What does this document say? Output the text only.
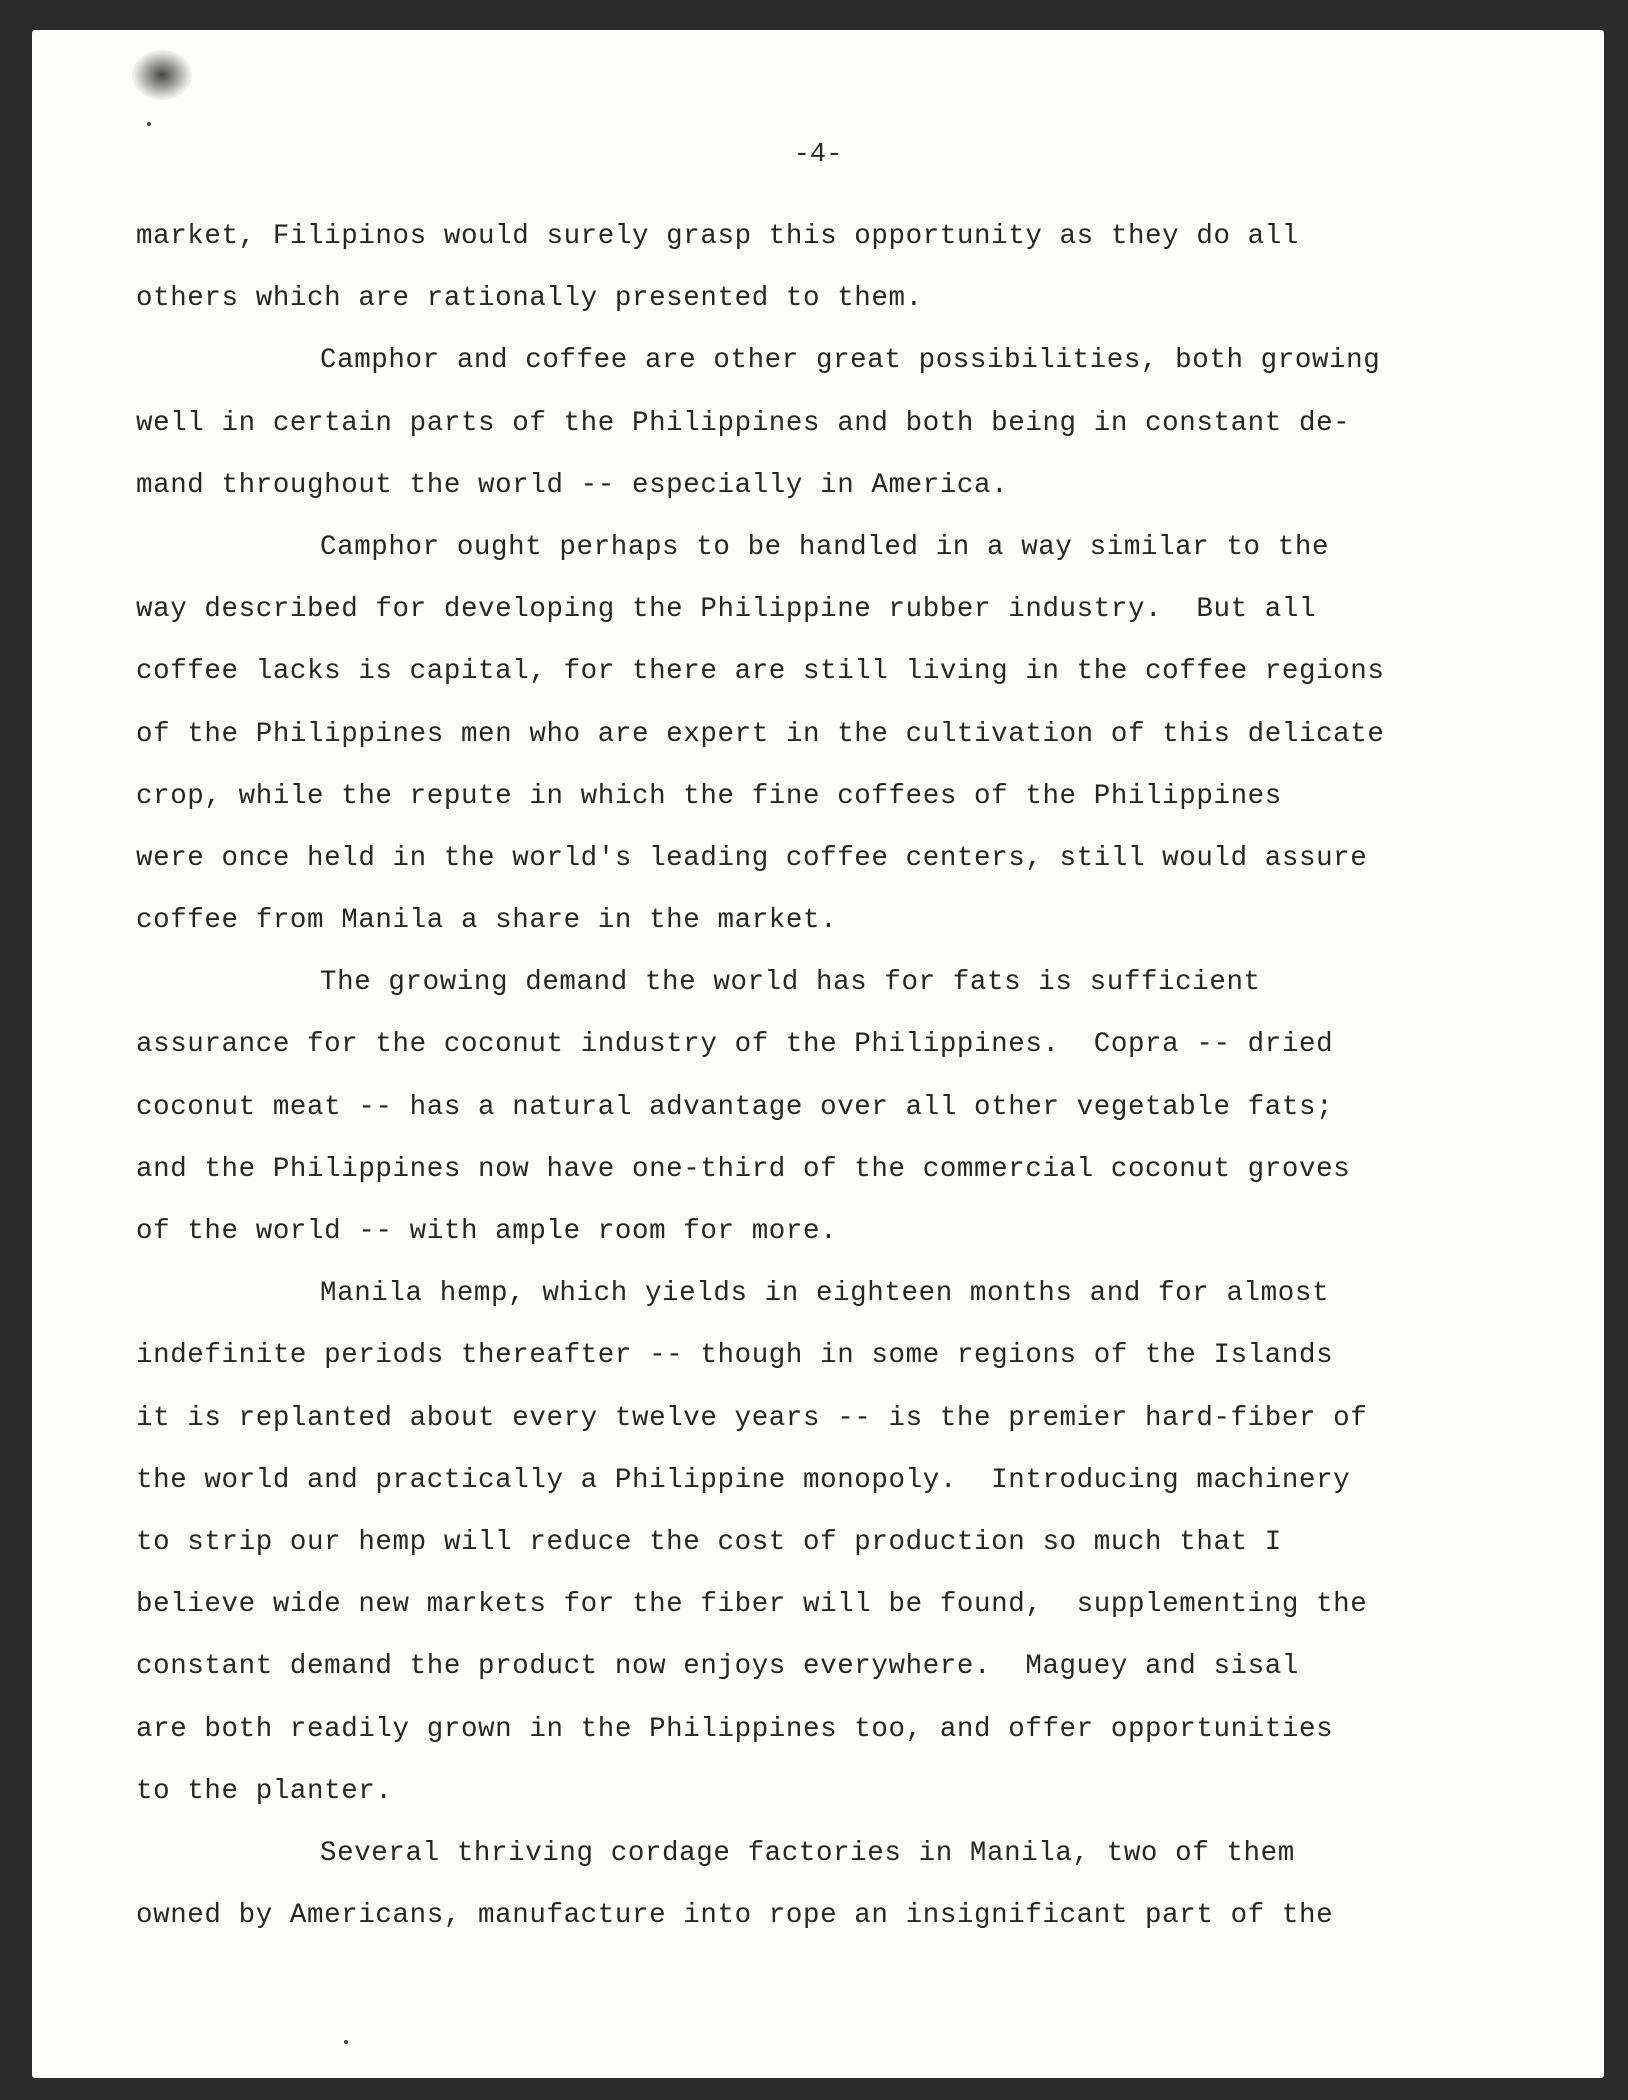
-4-
market, Filipinos would surely grasp this opportunity as they do all
others which are rationally presented to them.
Camphor and coffee are other great possibilities, both growing
well in certain parts of the Philippines and both being in constant de-
mand throughout the world -- especially in America.
Camphor ought perhaps to be handled in a way similar to the
way described for developing the Philippine rubber industry.  But all
coffee lacks is capital, for there are still living in the coffee regions
of the Philippines men who are expert in the cultivation of this delicate
crop, while the repute in which the fine coffees of the Philippines
were once held in the world's leading coffee centers, still would assure
coffee from Manila a share in the market.
The growing demand the world has for fats is sufficient
assurance for the coconut industry of the Philippines.  Copra -- dried
coconut meat -- has a natural advantage over all other vegetable fats;
and the Philippines now have one-third of the commercial coconut groves
of the world -- with ample room for more.
Manila hemp, which yields in eighteen months and for almost
indefinite periods thereafter -- though in some regions of the Islands
it is replanted about every twelve years -- is the premier hard-fiber of
the world and practically a Philippine monopoly.  Introducing machinery
to strip our hemp will reduce the cost of production so much that I
believe wide new markets for the fiber will be found,  supplementing the
constant demand the product now enjoys everywhere.  Maguey and sisal
are both readily grown in the Philippines too, and offer opportunities
to the planter.
Several thriving cordage factories in Manila, two of them
owned by Americans, manufacture into rope an insignificant part of the
